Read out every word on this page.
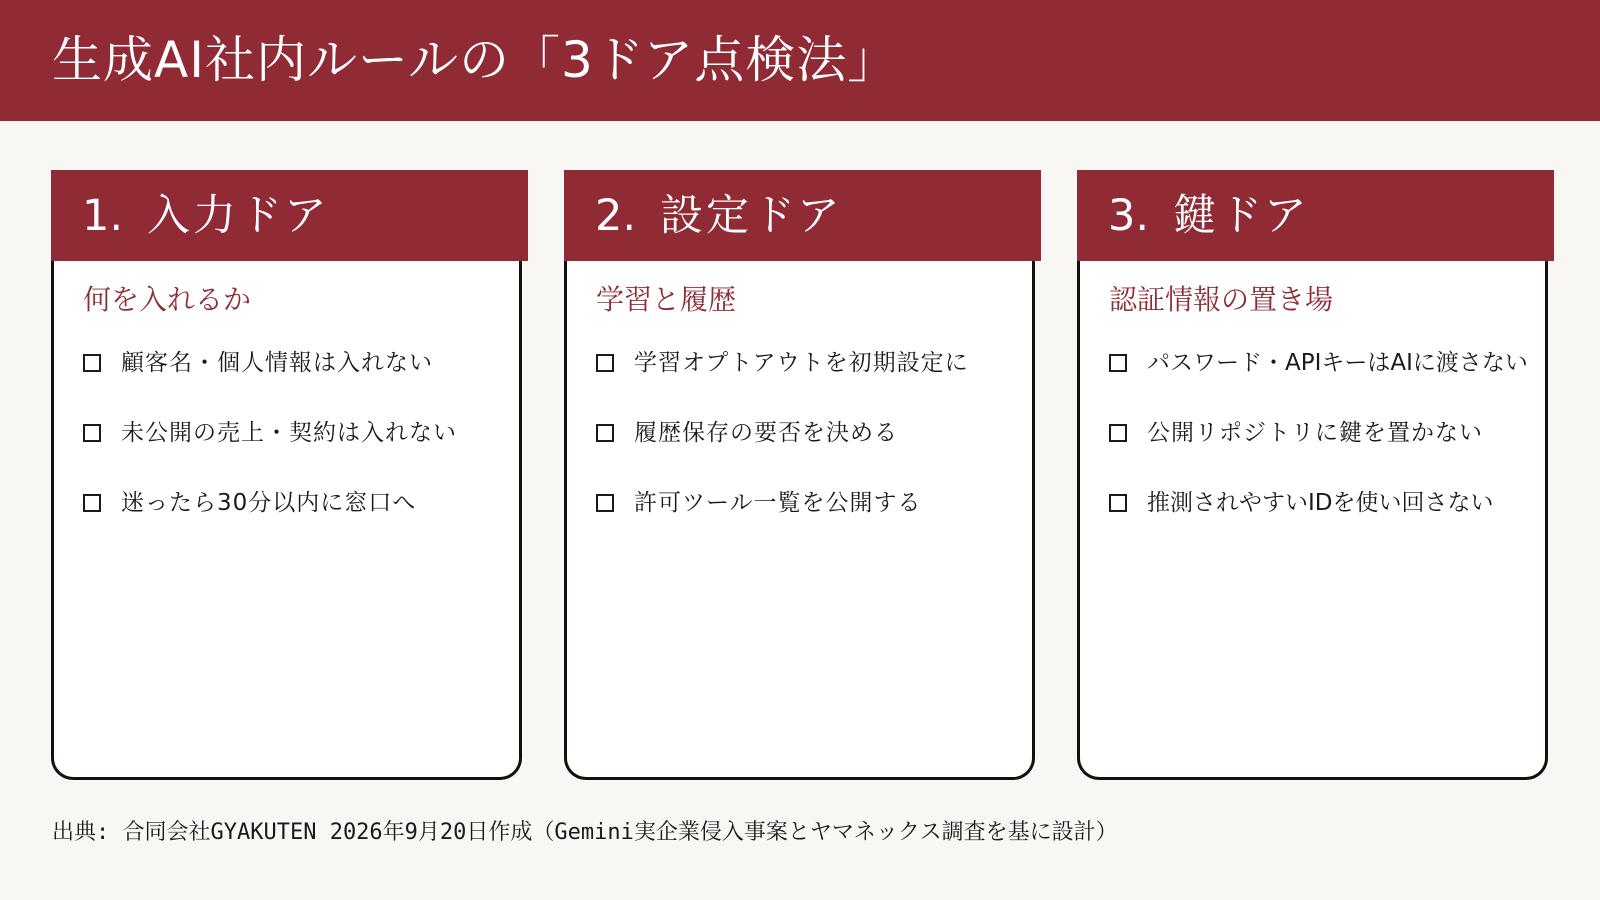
生成AI社内ルールの「3ドア点検法」
1. 入力ドア
何を入れるか
顧客名・個人情報は入れない
未公開の売上・契約は入れない
迷ったら30分以内に窓口へ
2. 設定ドア
学習と履歴
学習オプトアウトを初期設定に
履歴保存の要否を決める
許可ツール一覧を公開する
3. 鍵ドア
認証情報の置き場
パスワード・APIキーはAIに渡さない
公開リポジトリに鍵を置かない
推測されやすいIDを使い回さない

出典: 合同会社GYAKUTEN 2026年9月20日作成（Gemini実企業侵入事案とヤマネックス調査を基に設計）
